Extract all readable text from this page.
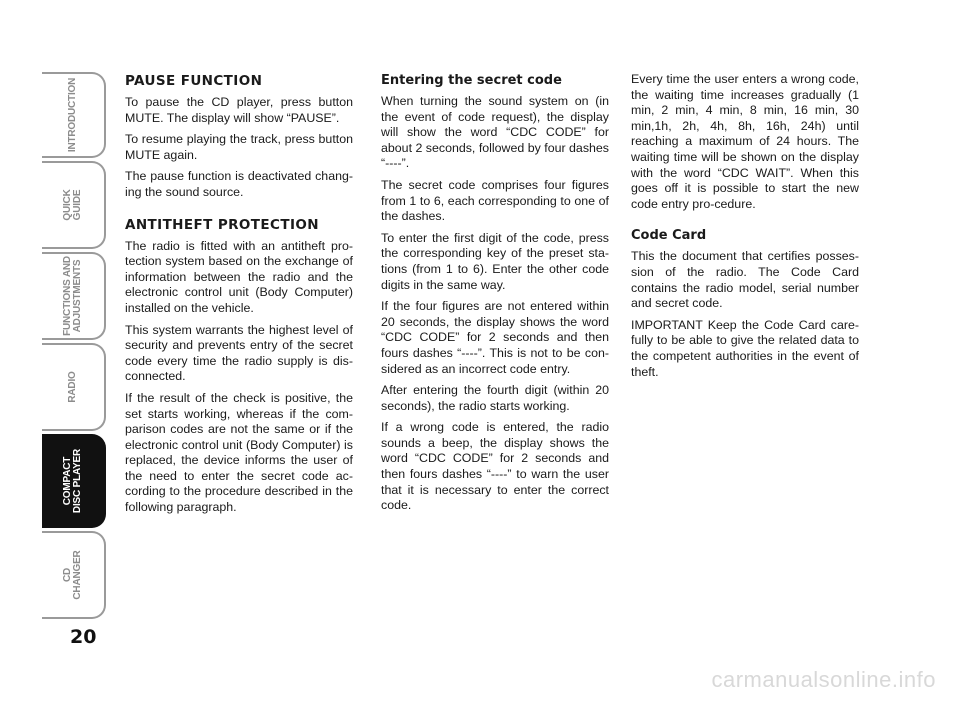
INTRODUCTION
QUICK
GUIDE
FUNCTIONS AND
ADJUSTMENTS
RADIO
COMPACT
DISC PLAYER
CD
CHANGER
20
PAUSE FUNCTION

To pause the CD player, press button MUTE. The display will show “PAUSE”.

To resume playing the track, press button MUTE again.

The pause function is deactivated chang-ing the sound source.

ANTITHEFT PROTECTION

The radio is fitted with an antitheft pro-tection system based on the exchange of information between the radio and the electronic control unit (Body Computer) installed on the vehicle.

This system warrants the highest level of security and prevents entry of the secret code every time the radio supply is dis-connected.

If the result of the check is positive, the set starts working, whereas if the com-parison codes are not the same or if the electronic control unit (Body Computer) is replaced, the device informs the user of the need to enter the secret code ac-cording to the procedure described in the following paragraph.

Entering the secret code

When turning the sound system on (in the event of code request), the display will show the word “CDC CODE” for about 2 seconds, followed by four dashes “----”.

The secret code comprises four figures from 1 to 6, each corresponding to one of the dashes.

To enter the first digit of the code, press the corresponding key of the preset sta-tions (from 1 to 6). Enter the other code digits in the same way.

If the four figures are not entered within 20 seconds, the display shows the word “CDC CODE” for 2 seconds and then fours dashes “----”. This is not to be con-sidered as an incorrect code entry.

After entering the fourth digit (within 20 seconds), the radio starts working.

If a wrong code is entered, the radio sounds a beep, the display shows the word “CDC CODE” for 2 seconds and then fours dashes “----” to warn the user that it is necessary to enter the correct code.

Every time the user enters a wrong code, the waiting time increases gradually (1 min, 2 min, 4 min, 8 min, 16 min, 30 min,1h, 2h, 4h, 8h, 16h, 24h) until reaching a maximum of 24 hours. The waiting time will be shown on the display with the word “CDC WAIT”. When this goes off it is possible to start the new code entry pro-cedure.

Code Card

This the document that certifies posses-sion of the radio. The Code Card contains the radio model, serial number and secret code.

IMPORTANT Keep the Code Card care-fully to be able to give the related data to the competent authorities in the event of theft.

carmanualsonline.info
